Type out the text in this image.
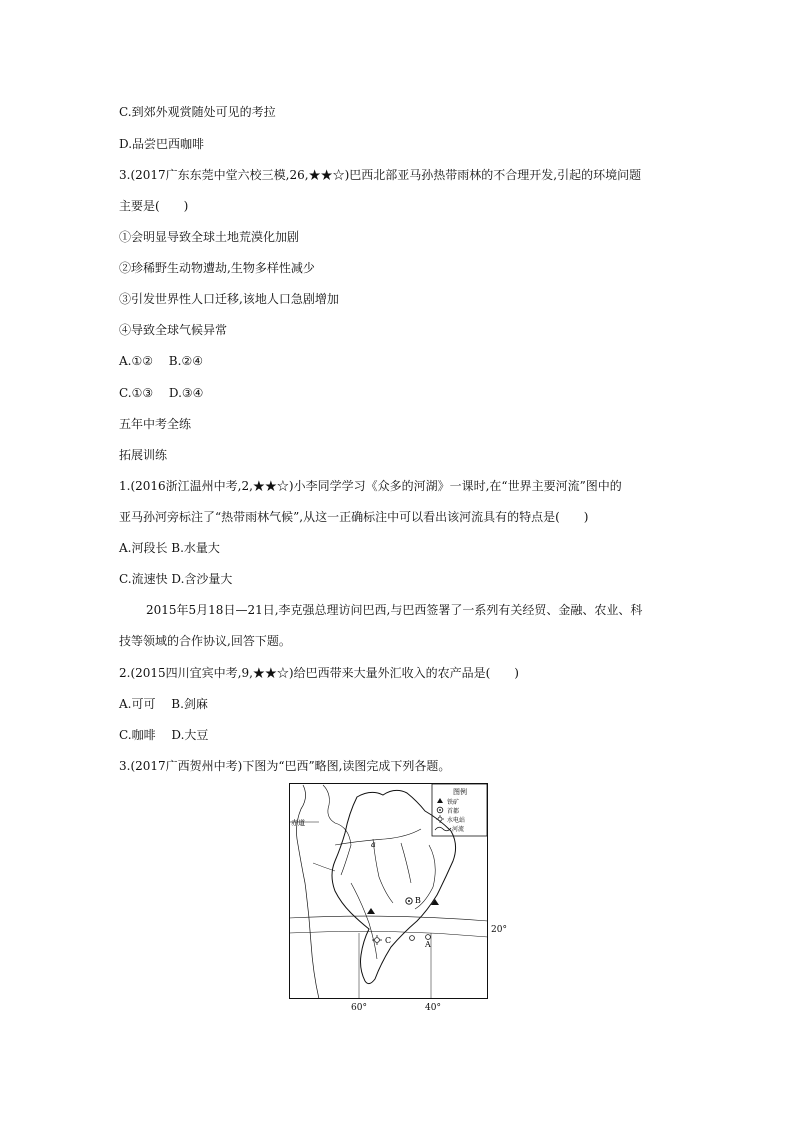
C.到郊外观赏随处可见的考拉
D.品尝巴西咖啡
3.(2017广东东莞中堂六校三模,26,★★☆)巴西北部亚马孙热带雨林的不合理开发,引起的环境问题
主要是(　　)
①会明显导致全球土地荒漠化加剧
②珍稀野生动物遭劫,生物多样性减少
③引发世界性人口迁移,该地人口急剧增加
④导致全球气候异常
A.①②　 B.②④
C.①③　 D.③④
五年中考全练
拓展训练
1.(2016浙江温州中考,2,★★☆)小李同学学习《众多的河湖》一课时,在“世界主要河流”图中的
亚马孙河旁标注了“热带雨林气候”,从这一正确标注中可以看出该河流具有的特点是(　　)
A.河段长 B.水量大
C.流速快 D.含沙量大
2015年5月18日—21日,李克强总理访问巴西,与巴西签署了一系列有关经贸、金融、农业、科
技等领域的合作协议,回答下题。
2.(2015四川宜宾中考,9,★★☆)给巴西带来大量外汇收入的农产品是(　　)
A.可可　 B.剑麻
C.咖啡　 D.大豆
3.(2017广西贺州中考)下图为“巴西”略图,读图完成下列各题。
图例
铁矿
首都
水电站
河流
赤道
a
B
A
C
20°
60°	40°
